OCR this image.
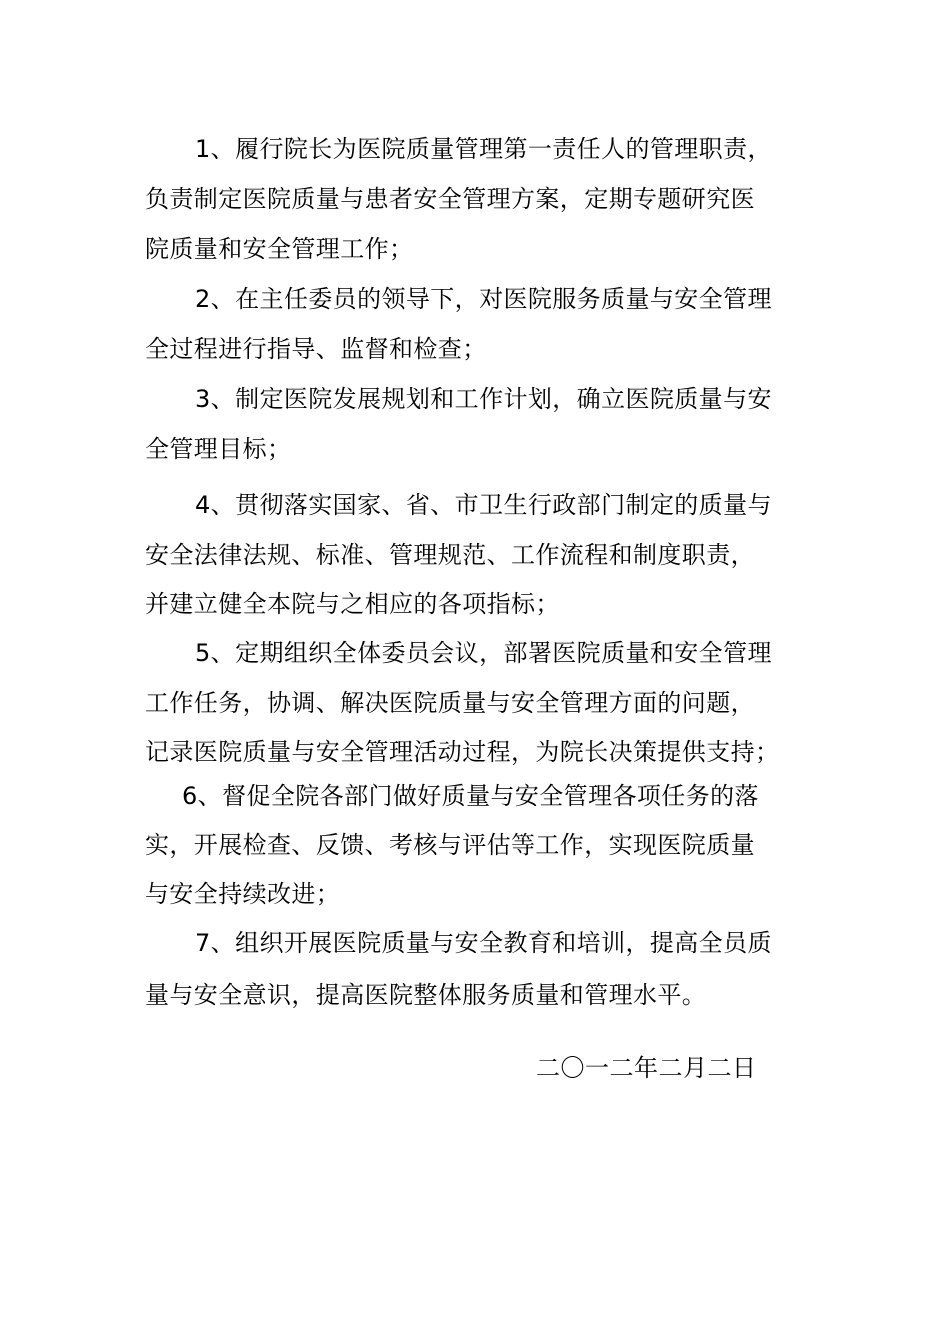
1、履行院长为医院质量管理第一责任人的管理职责，
负责制定医院质量与患者安全管理方案，定期专题研究医
院质量和安全管理工作；
2、在主任委员的领导下，对医院服务质量与安全管理
全过程进行指导、监督和检查；
3、制定医院发展规划和工作计划，确立医院质量与安
全管理目标；
4、贯彻落实国家、省、市卫生行政部门制定的质量与
安全法律法规、标准、管理规范、工作流程和制度职责，
并建立健全本院与之相应的各项指标；
5、定期组织全体委员会议，部署医院质量和安全管理
工作任务，协调、解决医院质量与安全管理方面的问题，
记录医院质量与安全管理活动过程，为院长决策提供支持；
6、督促全院各部门做好质量与安全管理各项任务的落
实，开展检查、反馈、考核与评估等工作，实现医院质量
与安全持续改进；
7、组织开展医院质量与安全教育和培训，提高全员质
量与安全意识，提高医院整体服务质量和管理水平。
二〇一二年二月二日
